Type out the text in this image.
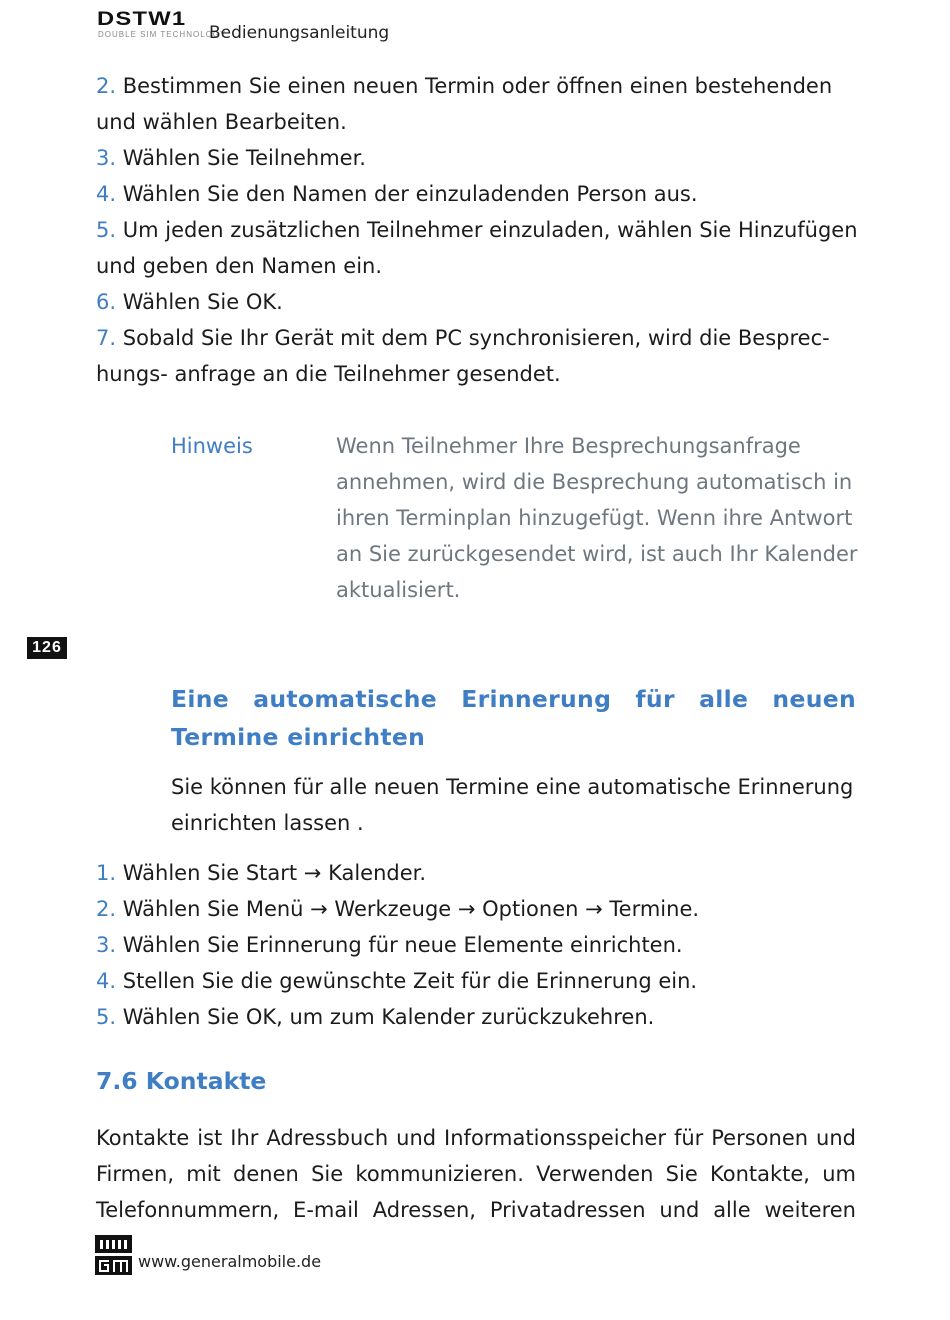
DSTW1
DOUBLE SIM TECHNOLOGY
Bedienungsanleitung
2. Bestimmen Sie einen neuen Termin oder öffnen einen bestehenden
und wählen Bearbeiten.
3. Wählen Sie Teilnehmer.
4. Wählen Sie den Namen der einzuladenden Person aus.
5. Um jeden zusätzlichen Teilnehmer einzuladen, wählen Sie Hinzufügen
und geben den Namen ein.
6. Wählen Sie OK.
7. Sobald Sie Ihr Gerät mit dem PC synchronisieren, wird die Besprec-
hungs- anfrage an die Teilnehmer gesendet.
Hinweis	Wenn Teilnehmer Ihre Besprechungsanfrage annehmen, wird die Besprechung automatisch in ihren Terminplan hinzugefügt. Wenn ihre Antwort an Sie zurückgesendet wird, ist auch Ihr Kalender aktualisiert.
126
Eine automatische Erinnerung für alle neuen Termine einrichten
Sie können für alle neuen Termine eine automatische Erinnerung einrichten lassen .
1. Wählen Sie Start → Kalender.
2. Wählen Sie Menü → Werkzeuge → Optionen → Termine.
3. Wählen Sie Erinnerung für neue Elemente einrichten.
4. Stellen Sie die gewünschte Zeit für die Erinnerung ein.
5. Wählen Sie OK, um zum Kalender zurückzukehren.
7.6 Kontakte
Kontakte ist Ihr Adressbuch und Informationsspeicher für Personen und Firmen, mit denen Sie kommunizieren. Verwenden Sie Kontakte, um Telefonnummern, E-mail Adressen, Privatadressen und alle weiteren
www.generalmobile.de
